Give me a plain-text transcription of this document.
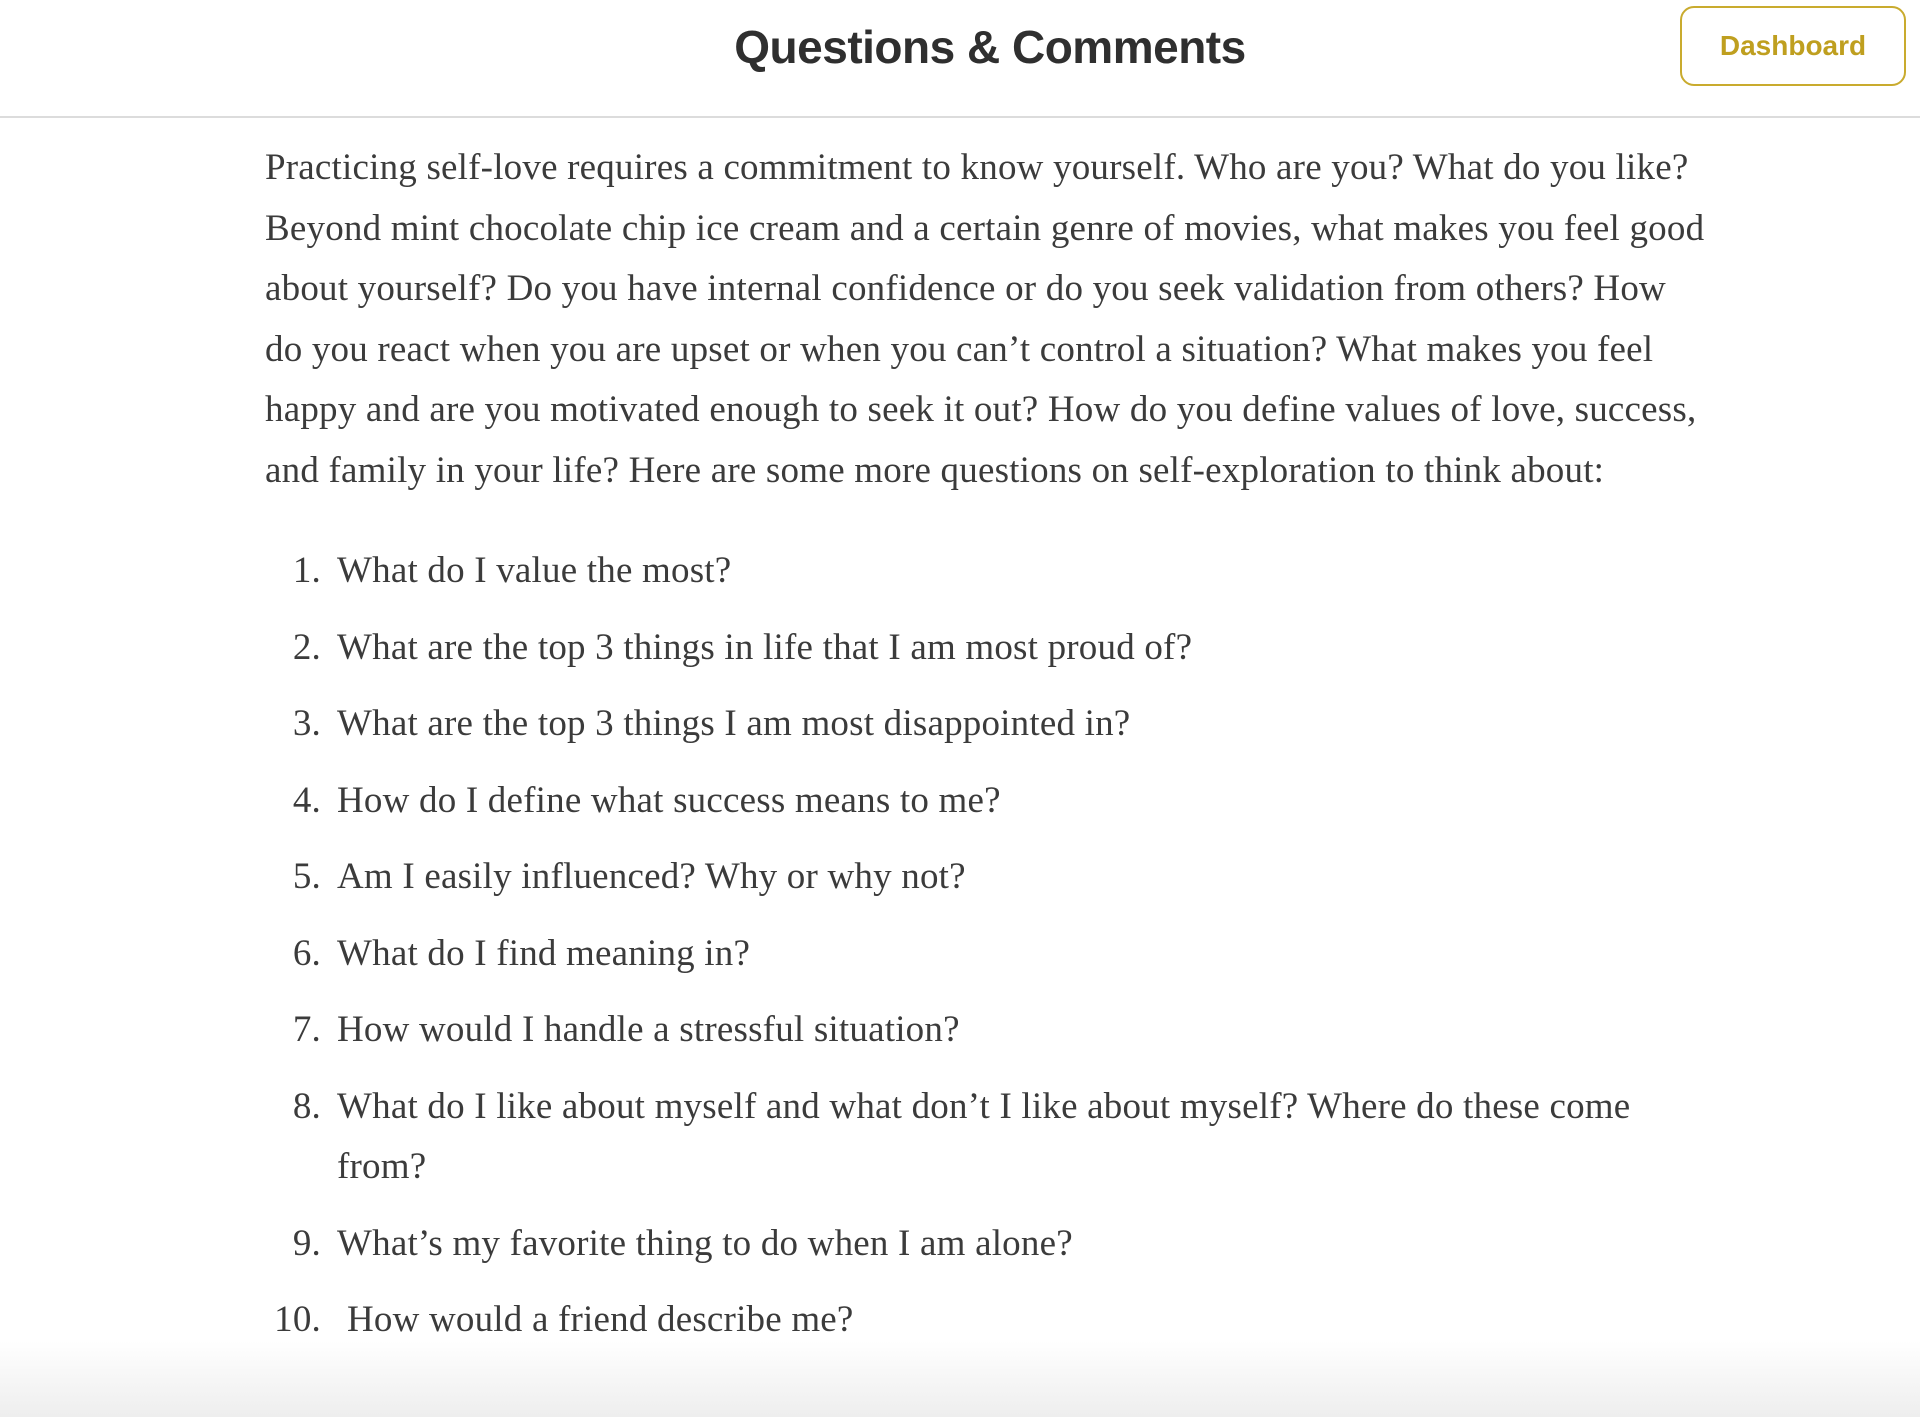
Questions & Comments	Dashboard

Practicing self-love requires a commitment to know yourself. Who are you? What do you like? Beyond mint chocolate chip ice cream and a certain genre of movies, what makes you feel good about yourself? Do you have internal confidence or do you seek validation from others? How do you react when you are upset or when you can’t control a situation? What makes you feel happy and are you motivated enough to seek it out? How do you define values of love, success, and family in your life? Here are some more questions on self-exploration to think about:

1. What do I value the most?
2. What are the top 3 things in life that I am most proud of?
3. What are the top 3 things I am most disappointed in?
4. How do I define what success means to me?
5. Am I easily influenced? Why or why not?
6. What do I find meaning in?
7. How would I handle a stressful situation?
8. What do I like about myself and what don’t I like about myself? Where do these come from?
9. What’s my favorite thing to do when I am alone?
10. How would a friend describe me?
